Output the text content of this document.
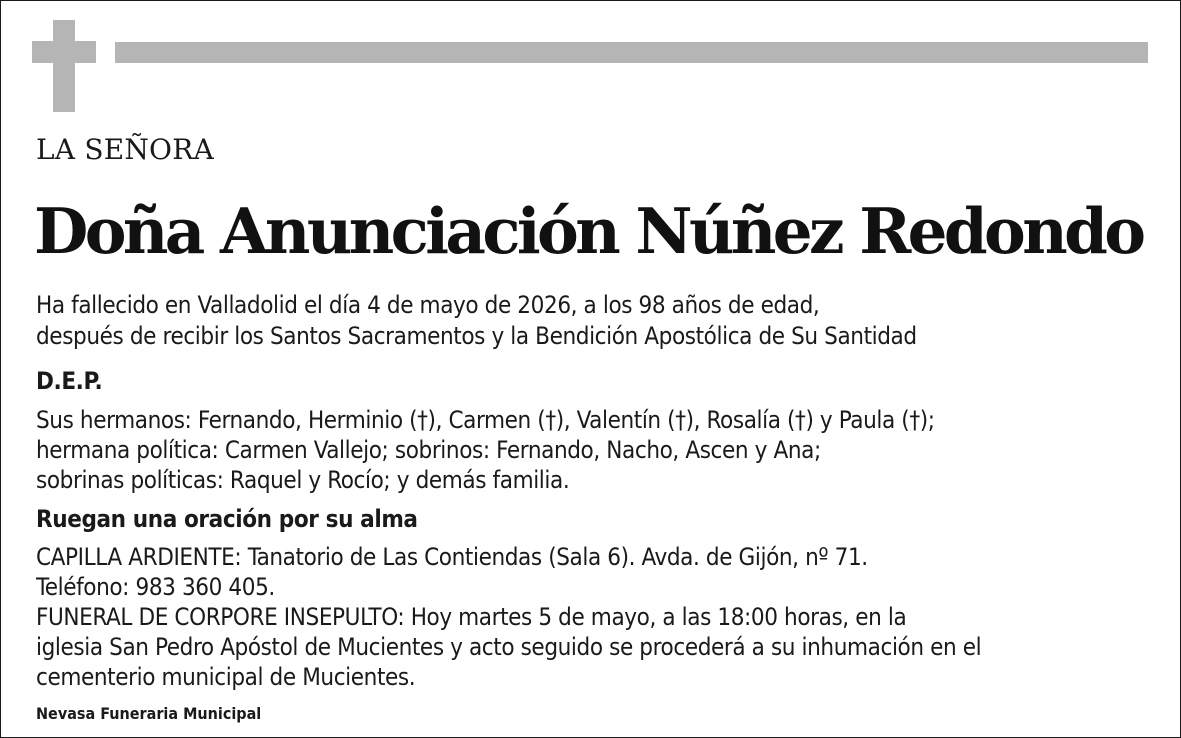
LA SEÑORA
Doña Anunciación Núñez Redondo
Ha fallecido en Valladolid el día 4 de mayo de 2026, a los 98 años de edad,
después de recibir los Santos Sacramentos y la Bendición Apostólica de Su Santidad
D.E.P.
Sus hermanos: Fernando, Herminio (†), Carmen (†), Valentín (†), Rosalía (†) y Paula (†);
hermana política: Carmen Vallejo; sobrinos: Fernando, Nacho, Ascen y Ana;
sobrinas políticas: Raquel y Rocío; y demás familia.
Ruegan una oración por su alma
CAPILLA ARDIENTE: Tanatorio de Las Contiendas (Sala 6). Avda. de Gijón, nº 71.
Teléfono: 983 360 405.
FUNERAL DE CORPORE INSEPULTO: Hoy martes 5 de mayo, a las 18:00 horas, en la
iglesia San Pedro Apóstol de Mucientes y acto seguido se procederá a su inhumación en el
cementerio municipal de Mucientes.
Nevasa Funeraria Municipal
